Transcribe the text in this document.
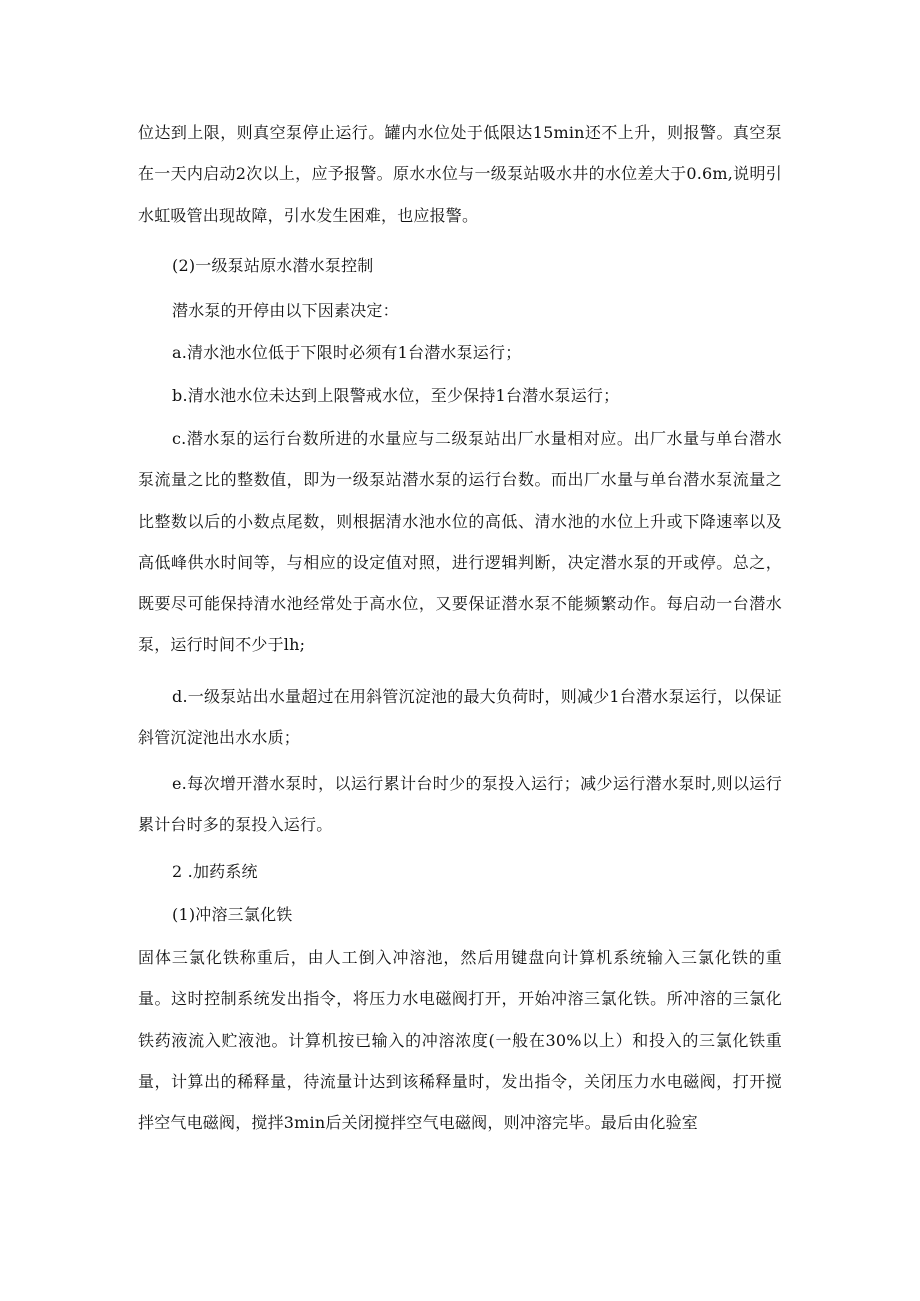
位达到上限，则真空泵停止运行。罐内水位处于低限达15min还不上升，则报警。真空泵在一天内启动2次以上，应予报警。原水水位与一级泵站吸水井的水位差大于0.6m,说明引水虹吸管出现故障，引水发生困难，也应报警。

(2)一级泵站原水潜水泵控制

潜水泵的开停由以下因素决定：

a.清水池水位低于下限时必须有1台潜水泵运行；

b.清水池水位未达到上限警戒水位，至少保持1台潜水泵运行；

c.潜水泵的运行台数所进的水量应与二级泵站出厂水量相对应。出厂水量与单台潜水泵流量之比的整数值，即为一级泵站潜水泵的运行台数。而出厂水量与单台潜水泵流量之比整数以后的小数点尾数，则根据清水池水位的高低、清水池的水位上升或下降速率以及高低峰供水时间等，与相应的设定值对照，进行逻辑判断，决定潜水泵的开或停。总之，既要尽可能保持清水池经常处于高水位，又要保证潜水泵不能频繁动作。每启动一台潜水泵，运行时间不少于lh;

d.一级泵站出水量超过在用斜管沉淀池的最大负荷时，则减少1台潜水泵运行，以保证斜管沉淀池出水水质；

e.每次增开潜水泵时，以运行累计台时少的泵投入运行；减少运行潜水泵时,则以运行累计台时多的泵投入运行。

2 .加药系统

(1)冲溶三氯化铁

固体三氯化铁称重后，由人工倒入冲溶池，然后用键盘向计算机系统输入三氯化铁的重量。这时控制系统发出指令，将压力水电磁阀打开，开始冲溶三氯化铁。所冲溶的三氯化铁药液流入贮液池。计算机按已输入的冲溶浓度(一般在30%以上）和投入的三氯化铁重量，计算出的稀释量，待流量计达到该稀释量时，发出指令，关闭压力水电磁阀，打开搅拌空气电磁阀，搅拌3min后关闭搅拌空气电磁阀，则冲溶完毕。最后由化验室
